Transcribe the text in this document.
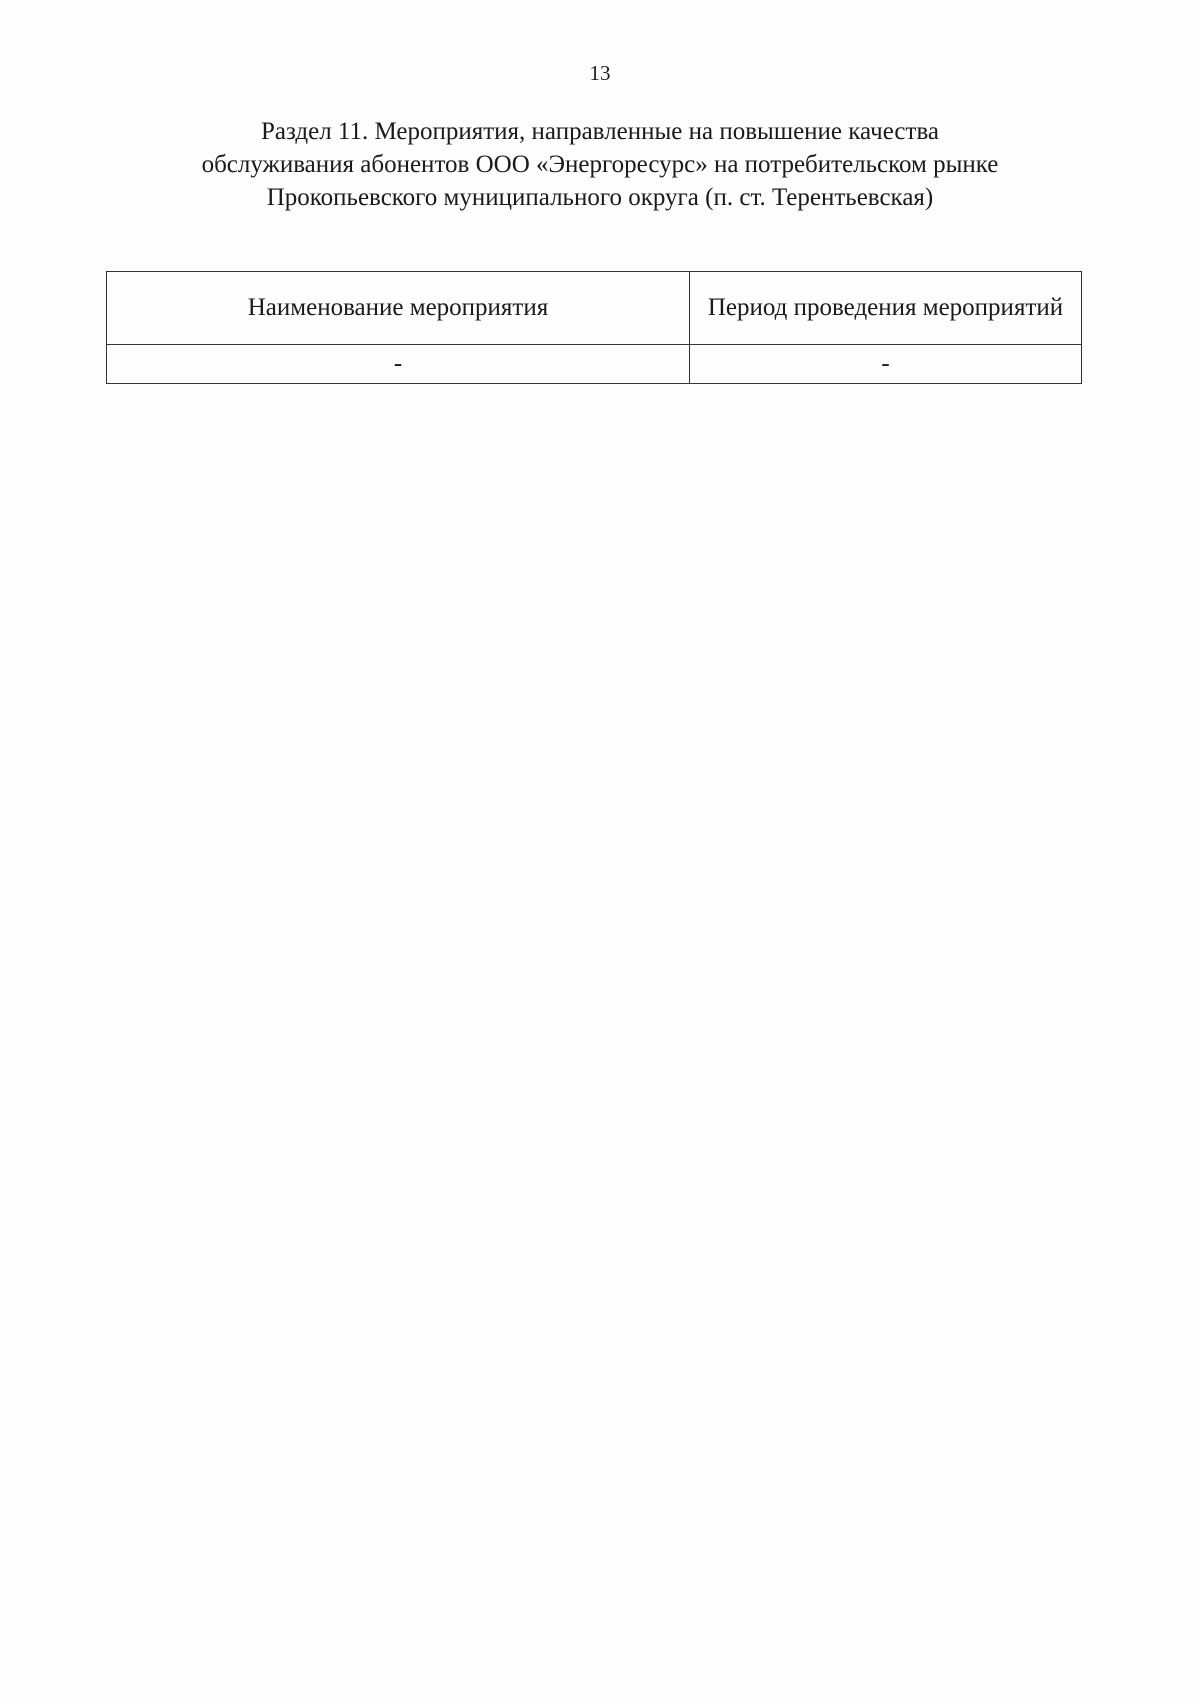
13
Раздел 11. Мероприятия, направленные на повышение качества
обслуживания абонентов ООО «Энергоресурс» на потребительском рынке
Прокопьевского муниципального округа (п. ст. Терентьевская)
Наименование мероприятия	Период проведения мероприятий
-	-
